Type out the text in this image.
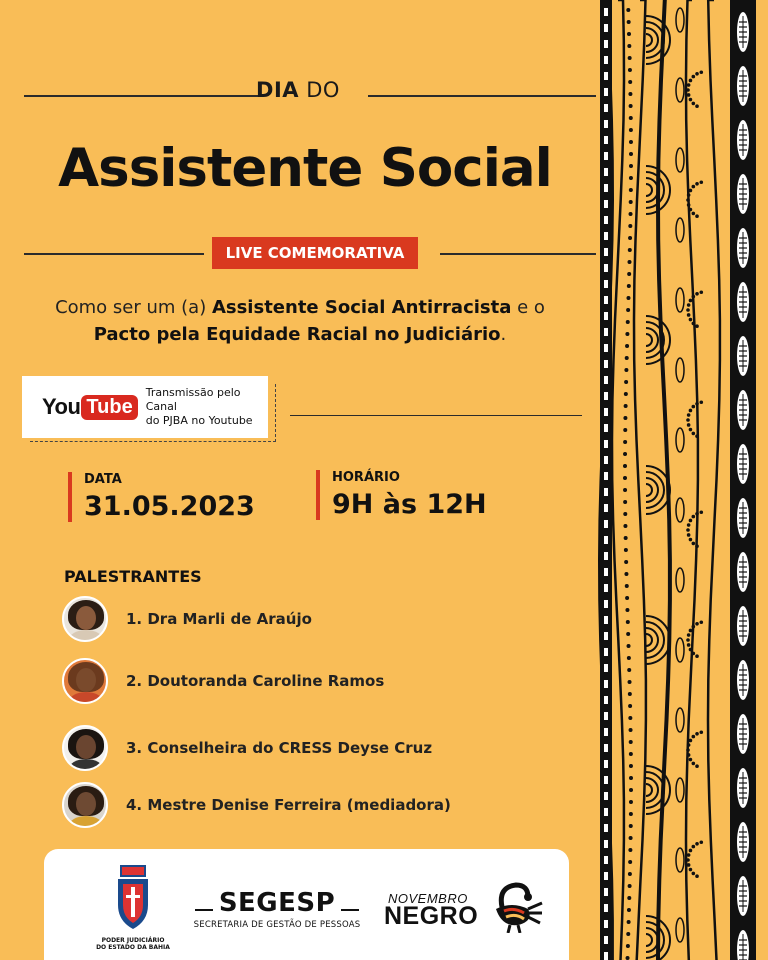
DIA DO
Assistente Social
LIVE COMEMORATIVA
Como ser um (a) Assistente Social Antirracista e o Pacto pela Equidade Racial no Judiciário.
You Tube
Transmissão pelo Canal
do PJBA no Youtube
DATA
31.05.2023
HORÁRIO
9H às 12H
PALESTRANTES
1. Dra Marli de Araújo
2. Doutoranda Caroline Ramos
3. Conselheira do CRESS Deyse Cruz
4. Mestre Denise Ferreira (mediadora)
PODER JUDICIÁRIO
DO ESTADO DA BAHIA
SEGESP
SECRETARIA DE GESTÃO DE PESSOAS
NOVEMBRO
NEGRO
